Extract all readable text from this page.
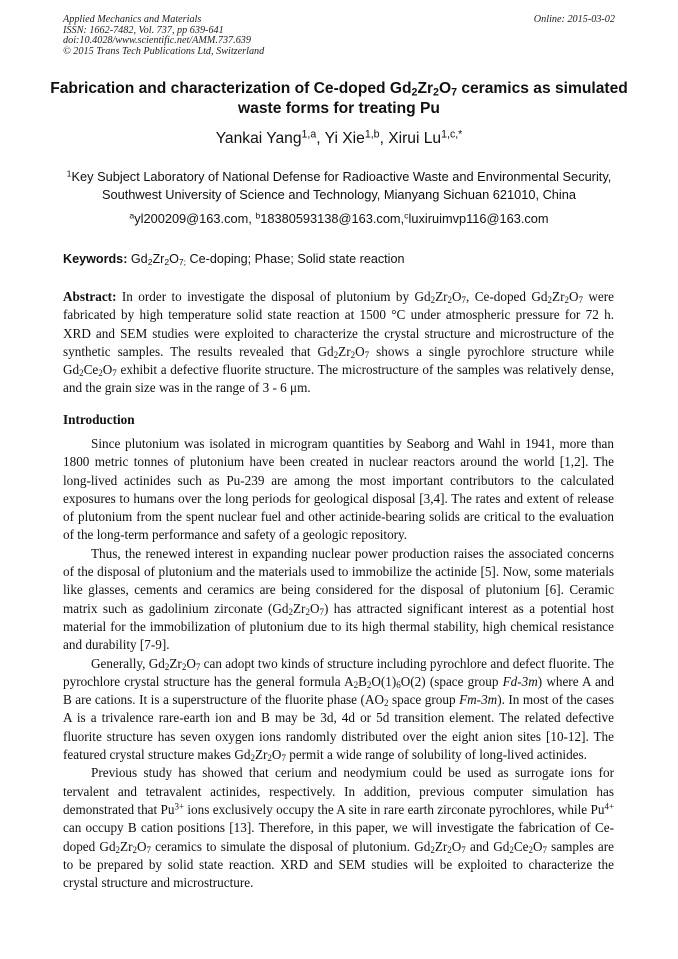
Applied Mechanics and Materials
ISSN: 1662-7482, Vol. 737, pp 639-641
doi:10.4028/www.scientific.net/AMM.737.639
© 2015 Trans Tech Publications Ltd, Switzerland
Online: 2015-03-02
Fabrication and characterization of Ce-doped $Gd_2Zr_2O_7$ ceramics as simulated waste forms for treating Pu
Yankai Yang$^{1,a}$, Yi Xie$^{1,b}$, Xirui $Lu^{1,c,*}$
$^1$Key Subject Laboratory of National Defense for Radioactive Waste and Environmental Security,
Southwest University of Science and Technology, Mianyang Sichuan 621010, China
$^a$yl200209@163.com, $^b$18380593138@163.com,$^c$luxiruimvp116@163.com
Keywords: $Gd_2Zr_2O_{7;}$ Ce-doping; Phase; Solid state reaction
Abstract: In order to investigate the disposal of plutonium by $Gd_2Zr_2O_7$, Ce-doped $Gd_2Zr_2O_7$ were fabricated by high temperature solid state reaction at 1500 °C under atmospheric pressure for 72 h. XRD and SEM studies were exploited to characterize the crystal structure and microstructure of the synthetic samples. The results revealed that $Gd_2Zr_2O_7$ shows a single pyrochlore structure while $Gd_2Ce_2O_7$ exhibit a defective fluorite structure. The microstructure of the samples was relatively dense, and the grain size was in the range of 3 - 6 μm.
Introduction

Since plutonium was isolated in microgram quantities by Seaborg and Wahl in 1941, more than 1800 metric tonnes of plutonium have been created in nuclear reactors around the world [1,2]. The long-lived actinides such as Pu-239 are among the most important contributors to the calculated exposures to humans over the long periods for geological disposal [3,4]. The rates and extent of release of plutonium from the spent nuclear fuel and other actinide-bearing solids are critical to the evaluation of the long-term performance and safety of a geologic repository.

Thus, the renewed interest in expanding nuclear power production raises the associated concerns of the disposal of plutonium and the materials used to immobilize the actinide [5]. Now, some materials like glasses, cements and ceramics are being considered for the disposal of plutonium [6]. Ceramic matrix such as gadolinium zirconate $(Gd_2Zr_2O_7)$ has attracted significant interest as a potential host material for the immobilization of plutonium due to its high thermal stability, high chemical resistance and durability [7-9].

Generally, $Gd_2Zr_2O_7$ can adopt two kinds of structure including pyrochlore and defect fluorite. The pyrochlore crystal structure has the general formula $A_2B_2O(1)_6O(2)$ (space group Fd-3m) where A and B are cations. It is a superstructure of the fluorite phase ($AO_2$ space group Fm-3m). In most of the cases A is a trivalence rare-earth ion and B may be 3d, 4d or 5d transition element. The related defective fluorite structure has seven oxygen ions randomly distributed over the eight anion sites [10-12]. The featured crystal structure makes $Gd_2Zr_2O_7$ permit a wide range of solubility of long-lived actinides.

Previous study has showed that cerium and neodymium could be used as surrogate ions for tervalent and tetravalent actinides, respectively. In addition, previous computer simulation has demonstrated that $Pu^{3+}$ ions exclusively occupy the A site in rare earth zirconate pyrochlores, while $Pu^{4+}$ can occupy B cation positions [13]. Therefore, in this paper, we will investigate the fabrication of Ce-doped $Gd_2Zr_2O_7$ ceramics to simulate the disposal of plutonium. $Gd_2Zr_2O_7$ and $Gd_2Ce_2O_7$ samples are to be prepared by solid state reaction. XRD and SEM studies will be exploited to characterize the crystal structure and microstructure.
